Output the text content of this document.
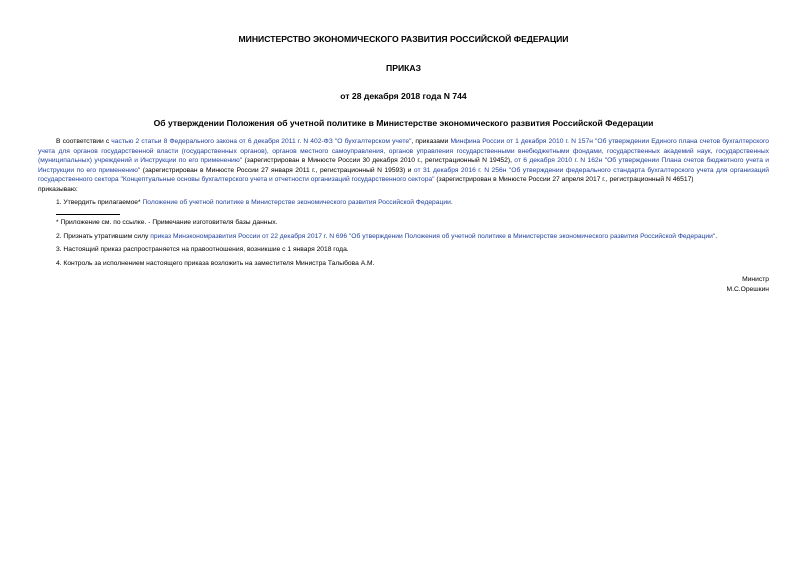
МИНИСТЕРСТВО ЭКОНОМИЧЕСКОГО РАЗВИТИЯ РОССИЙСКОЙ ФЕДЕРАЦИИ

ПРИКАЗ

от 28 декабря 2018 года N 744

Об утверждении Положения об учетной политике в Министерстве экономического развития Российской Федерации

В соответствии с частью 2 статьи 8 Федерального закона от 6 декабря 2011 г. N 402-ФЗ "О бухгалтерском учете", приказами Минфина России от 1 декабря 2010 г. N 157н "Об утверждении Единого плана счетов бухгалтерского учета для органов государственной власти (государственных органов), органов местного самоуправления, органов управления государственными внебюджетными фондами, государственных академий наук, государственных (муниципальных) учреждений и Инструкции по его применению" (зарегистрирован в Минюсте России 30 декабря 2010 г., регистрационный N 19452), от 6 декабря 2010 г. N 162н "Об утверждении Плана счетов бюджетного учета и Инструкции по его применению" (зарегистрирован в Минюсте России 27 января 2011 г., регистрационный N 19593) и от 31 декабря 2016 г. N 256н "Об утверждении федерального стандарта бухгалтерского учета для организаций государственного сектора "Концептуальные основы бухгалтерского учета и отчетности организаций государственного сектора" (зарегистрирован в Минюсте России 27 апреля 2017 г., регистрационный N 46517)

приказываю:

1. Утвердить прилагаемое* Положение об учетной политике в Министерстве экономического развития Российской Федерации.

* Приложение см. по ссылке. - Примечание изготовителя базы данных.

2. Признать утратившим силу приказ Минэкономразвития России от 22 декабря 2017 г. N 696 "Об утверждении Положения об учетной политике в Министерстве экономического развития Российской Федерации".

3. Настоящий приказ распространяется на правоотношения, возникшие с 1 января 2018 года.

4. Контроль за исполнением настоящего приказа возложить на заместителя Министра Талыбова А.М.

Министр
М.С.Орешкин
